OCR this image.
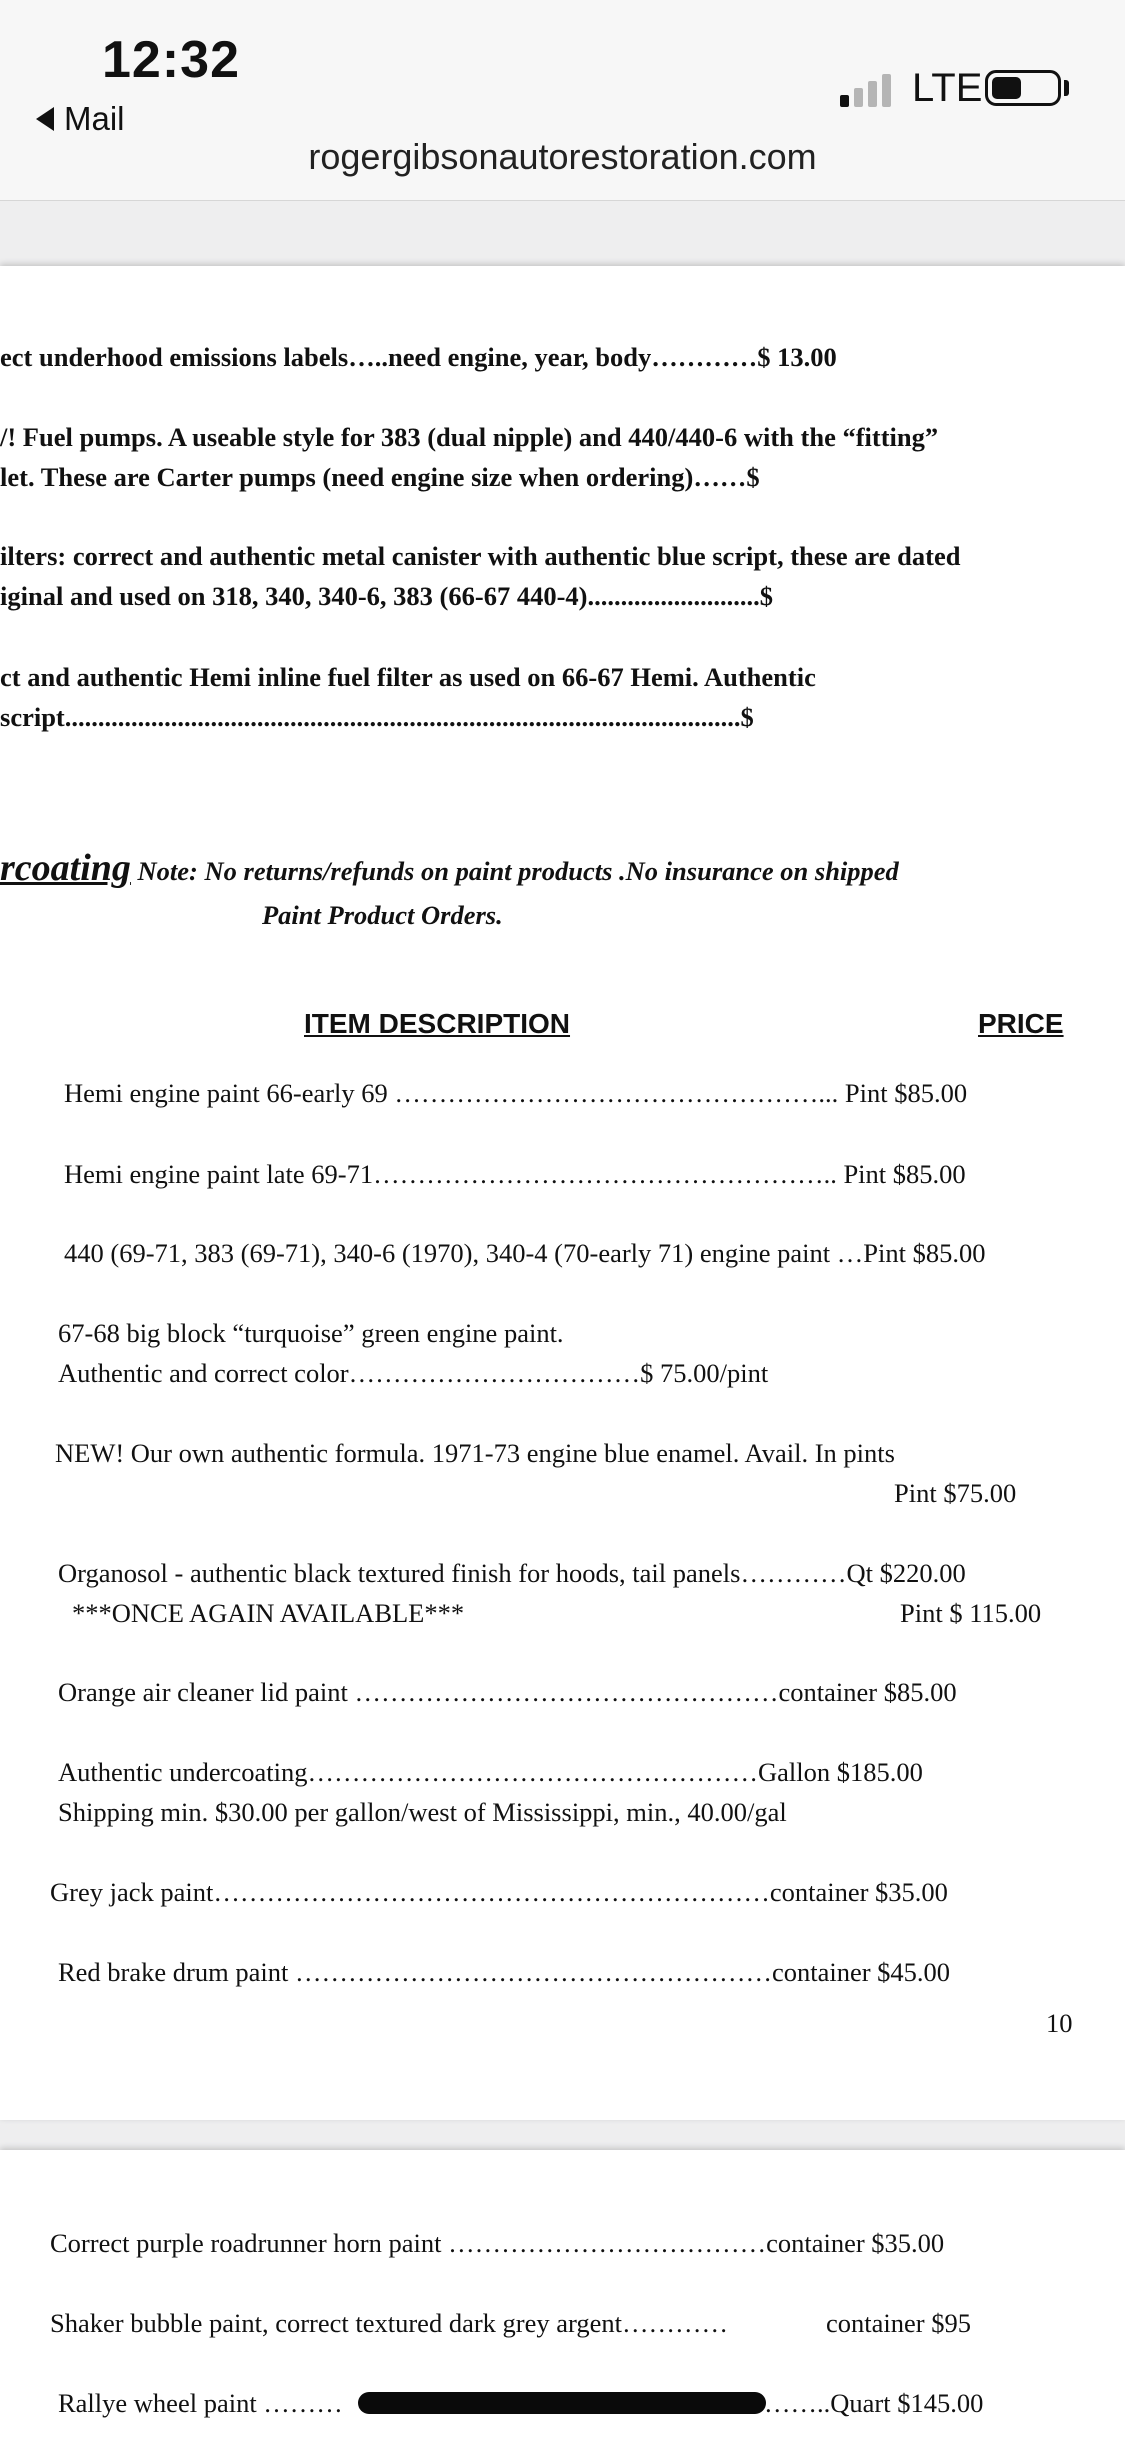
12:32
Mail
LTE
rogergibsonautorestoration.com
ect underhood emissions labels…..need engine, year, body…………$ 13.00
/! Fuel pumps. A useable style for 383 (dual nipple) and 440/440-6 with the “fitting”
let. These are Carter pumps (need engine size when ordering)……$
ilters: correct and authentic metal canister with authentic blue script, these are dated
iginal and used on 318, 340, 340-6, 383 (66-67 440-4)..........................$
ct and authentic Hemi inline fuel filter as used on 66-67 Hemi. Authentic
script......................................................................................................$
rcoating Note: No returns/refunds on paint products .No insurance on shipped
Paint Product Orders.
ITEM DESCRIPTION	PRICE
Hemi engine paint 66-early 69 …………………………………………... Pint $85.00
Hemi engine paint late 69-71…………………………………………….. Pint $85.00
440 (69-71, 383 (69-71), 340-6 (1970), 340-4 (70-early 71) engine paint …Pint $85.00
67-68 big block “turquoise” green engine paint.
Authentic and correct color……………………………$ 75.00/pint
NEW! Our own authentic formula. 1971-73 engine blue enamel. Avail. In pints
Pint $75.00
Organosol - authentic black textured finish for hoods, tail panels…………Qt $220.00
***ONCE AGAIN AVAILABLE***	Pint $ 115.00
Orange air cleaner lid paint …………………………………………container $85.00
Authentic undercoating……………………………………………Gallon $185.00
Shipping min. $30.00 per gallon/west of Mississippi, min., 40.00/gal
Grey jack paint………………………………………………………container $35.00
Red brake drum paint ………………………………………………container $45.00
10
Correct purple roadrunner horn paint ………………………………container $35.00
Shaker bubble paint, correct textured dark grey argent…………	container $95
Rallye wheel paint ………	……..Quart $145.00
